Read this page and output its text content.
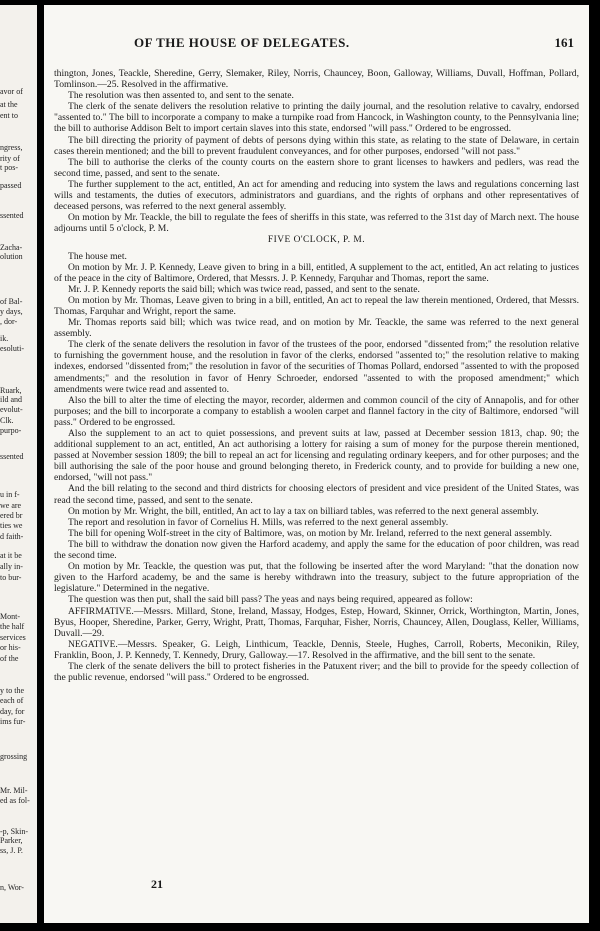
avor of
at the
ent to
ngress,
rity of
t pos-
passed
ssented
Zacha-
olution
of Bal-
y days,
, dor-
ik.
esoluti-
Ruark,
ild and
evolut-
Clk.
purpo-
ssented
u in f-
we are
ered br
ties we
d faith-
at it be
ally in-
to bur-
Mont-
the half
services
or his-
of the
y to the
each of
day, for
ims fur-
grossing
Mr. Mil-
ed as fol-
-p, Skin-
Parker,
ss, J. P.
n, Wor-
OF THE HOUSE OF DELEGATES.	161

thington, Jones, Teackle, Sheredine, Gerry, Slemaker, Riley, Norris, Chauncey, Boon, Galloway, Williams, Duvall, Hoffman, Pollard, Tomlinson.—25. Resolved in the affirmative.

The resolution was then assented to, and sent to the senate.

The clerk of the senate delivers the resolution relative to printing the daily journal, and the resolution relative to cavalry, endorsed "assented to." The bill to incorporate a company to make a turnpike road from Hancock, in Washington county, to the Pennsylvania line; the bill to authorise Addison Belt to import certain slaves into this state, endorsed "will pass." Ordered to be engrossed.

The bill directing the priority of payment of debts of persons dying within this state, as relating to the state of Delaware, in certain cases therein mentioned; and the bill to prevent fraudulent conveyances, and for other purposes, endorsed "will not pass."

The bill to authorise the clerks of the county courts on the eastern shore to grant licenses to hawkers and pedlers, was read the second time, passed, and sent to the senate.

The further supplement to the act, entitled, An act for amending and reducing into system the laws and regulations concerning last wills and testaments, the duties of executors, administrators and guardians, and the rights of orphans and other representatives of deceased persons, was referred to the next general assembly.

On motion by Mr. Teackle, the bill to regulate the fees of sheriffs in this state, was referred to the 31st day of March next. The house adjourns until 5 o'clock, P. M.

FIVE O'CLOCK, P. M.

The house met.

On motion by Mr. J. P. Kennedy, Leave given to bring in a bill, entitled, A supplement to the act, entitled, An act relating to justices of the peace in the city of Baltimore, Ordered, that Messrs. J. P. Kennedy, Farquhar and Thomas, report the same.

Mr. J. P. Kennedy reports the said bill; which was twice read, passed, and sent to the senate.

On motion by Mr. Thomas, Leave given to bring in a bill, entitled, An act to repeal the law therein mentioned, Ordered, that Messrs. Thomas, Farquhar and Wright, report the same.

Mr. Thomas reports said bill; which was twice read, and on motion by Mr. Teackle, the same was referred to the next general assembly.

The clerk of the senate delivers the resolution in favor of the trustees of the poor, endorsed "dissented from;" the resolution relative to furnishing the government house, and the resolution in favor of the clerks, endorsed "assented to;" the resolution relative to making indexes, endorsed "dissented from;" the resolution in favor of the securities of Thomas Pollard, endorsed "assented to with the proposed amendments;" and the resolution in favor of Henry Schroeder, endorsed "assented to with the proposed amendment;" which amendments were twice read and assented to.

Also the bill to alter the time of electing the mayor, recorder, aldermen and common council of the city of Annapolis, and for other purposes; and the bill to incorporate a company to establish a woolen carpet and flannel factory in the city of Baltimore, endorsed "will pass." Ordered to be engrossed.

Also the supplement to an act to quiet possessions, and prevent suits at law, passed at December session 1813, chap. 90; the additional supplement to an act, entitled, An act authorising a lottery for raising a sum of money for the purpose therein mentioned, passed at November session 1809; the bill to repeal an act for licensing and regulating ordinary keepers, and for other purposes; and the bill authorising the sale of the poor house and ground belonging thereto, in Frederick county, and to provide for building a new one, endorsed, "will not pass."

And the bill relating to the second and third districts for choosing electors of president and vice president of the United States, was read the second time, passed, and sent to the senate.

On motion by Mr. Wright, the bill, entitled, An act to lay a tax on billiard tables, was referred to the next general assembly.

The report and resolution in favor of Cornelius H. Mills, was referred to the next general assembly.

The bill for opening Wolf-street in the city of Baltimore, was, on motion by Mr. Ireland, referred to the next general assembly.

The bill to withdraw the donation now given the Harford academy, and apply the same for the education of poor children, was read the second time.

On motion by Mr. Teackle, the question was put, that the following be inserted after the word Maryland: "that the donation now given to the Harford academy, be and the same is hereby withdrawn into the treasury, subject to the future appropriation of the legislature." Determined in the negative.

The question was then put, shall the said bill pass? The yeas and nays being required, appeared as follow:

AFFIRMATIVE.—Messrs. Millard, Stone, Ireland, Massay, Hodges, Estep, Howard, Skinner, Orrick, Worthington, Martin, Jones, Byus, Hooper, Sheredine, Parker, Gerry, Wright, Pratt, Thomas, Farquhar, Fisher, Norris, Chauncey, Allen, Douglass, Keller, Williams, Duvall.—29.

NEGATIVE.—Messrs. Speaker, G. Leigh, Linthicum, Teackle, Dennis, Steele, Hughes, Carroll, Roberts, Meconikin, Riley, Franklin, Boon, J. P. Kennedy, T. Kennedy, Drury, Galloway.—17. Resolved in the affirmative, and the bill sent to the senate.

The clerk of the senate delivers the bill to protect fisheries in the Patuxent river; and the bill to provide for the speedy collection of the public revenue, endorsed "will pass." Ordered to be engrossed.

21
